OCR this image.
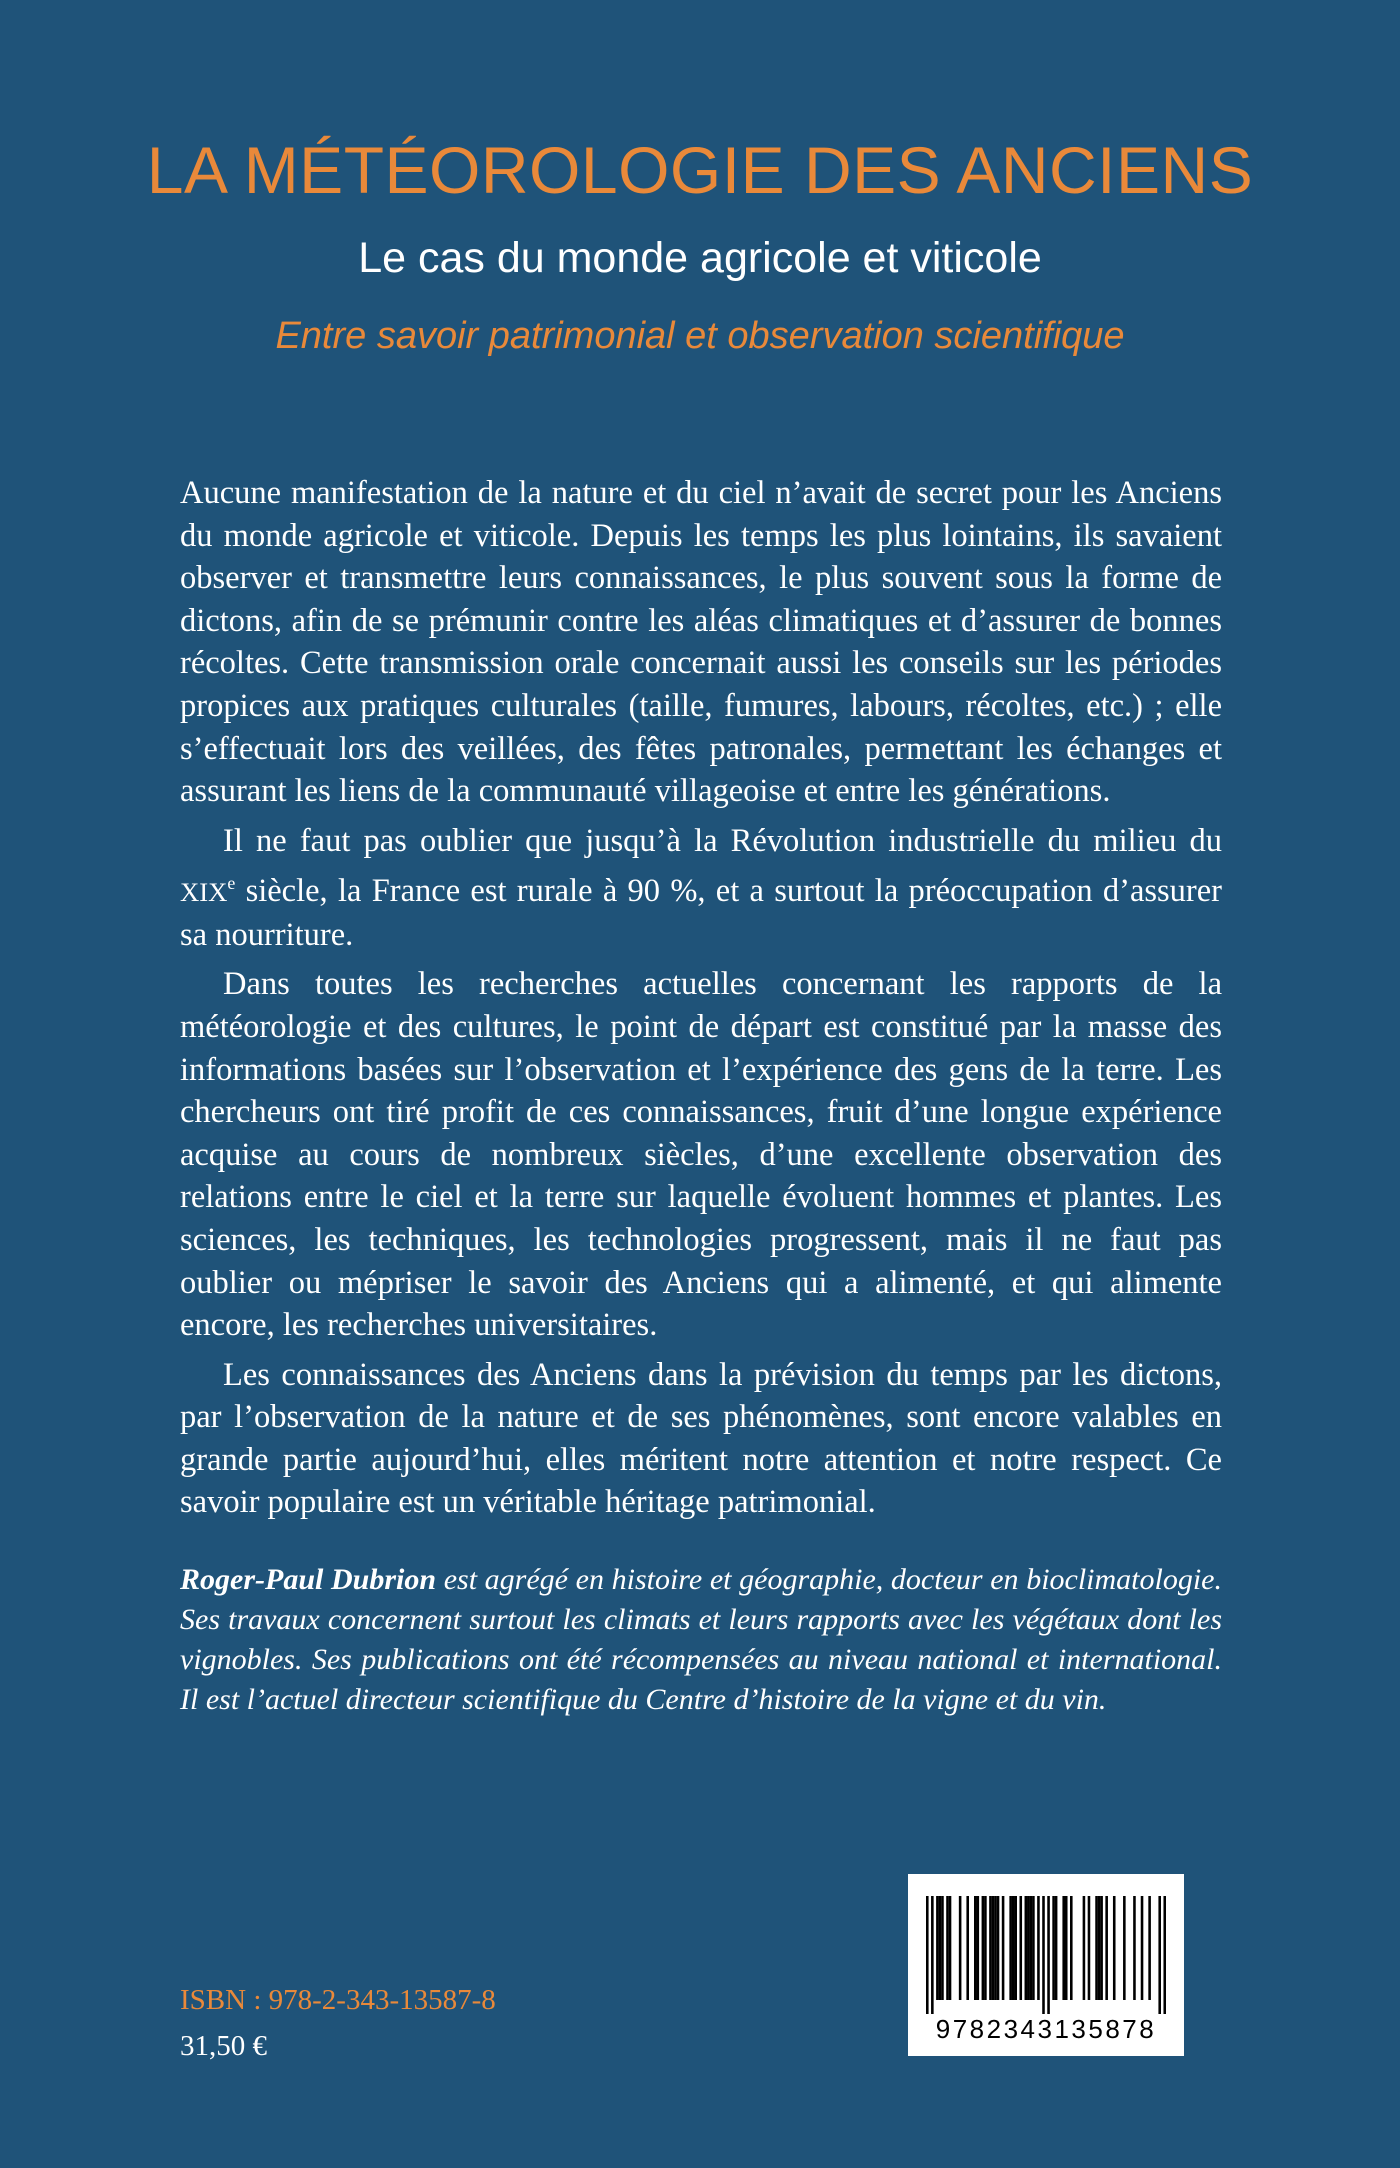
LA MÉTÉOROLOGIE DES ANCIENS
Le cas du monde agricole et viticole
Entre savoir patrimonial et observation scientifique

Aucune manifestation de la nature et du ciel n’avait de secret pour les Anciens du monde agricole et viticole. Depuis les temps les plus lointains, ils savaient observer et transmettre leurs connaissances, le plus souvent sous la forme de dictons, afin de se prémunir contre les aléas climatiques et d’assurer de bonnes récoltes. Cette transmission orale concernait aussi les conseils sur les périodes propices aux pratiques culturales (taille, fumures, labours, récoltes, etc.) ; elle s’effectuait lors des veillées, des fêtes patronales, permettant les échanges et assurant les liens de la communauté villageoise et entre les générations.

Il ne faut pas oublier que jusqu’à la Révolution industrielle du milieu du XIXe siècle, la France est rurale à 90 %, et a surtout la préoccupation d’assurer sa nourriture.

Dans toutes les recherches actuelles concernant les rapports de la météorologie et des cultures, le point de départ est constitué par la masse des informations basées sur l’observation et l’expérience des gens de la terre. Les chercheurs ont tiré profit de ces connaissances, fruit d’une longue expérience acquise au cours de nombreux siècles, d’une excellente observation des relations entre le ciel et la terre sur laquelle évoluent hommes et plantes. Les sciences, les techniques, les technologies progressent, mais il ne faut pas oublier ou mépriser le savoir des Anciens qui a alimenté, et qui alimente encore, les recherches universitaires.

Les connaissances des Anciens dans la prévision du temps par les dictons, par l’observation de la nature et de ses phénomènes, sont encore valables en grande partie aujourd’hui, elles méritent notre attention et notre respect. Ce savoir populaire est un véritable héritage patrimonial.

Roger-Paul Dubrion est agrégé en histoire et géographie, docteur en bioclimatologie. Ses travaux concernent surtout les climats et leurs rapports avec les végétaux dont les vignobles. Ses publications ont été récompensées au niveau national et international. Il est l’actuel directeur scientifique du Centre d’histoire de la vigne et du vin.

ISBN : 978-2-343-13587-8
31,50 €
9782343135878
